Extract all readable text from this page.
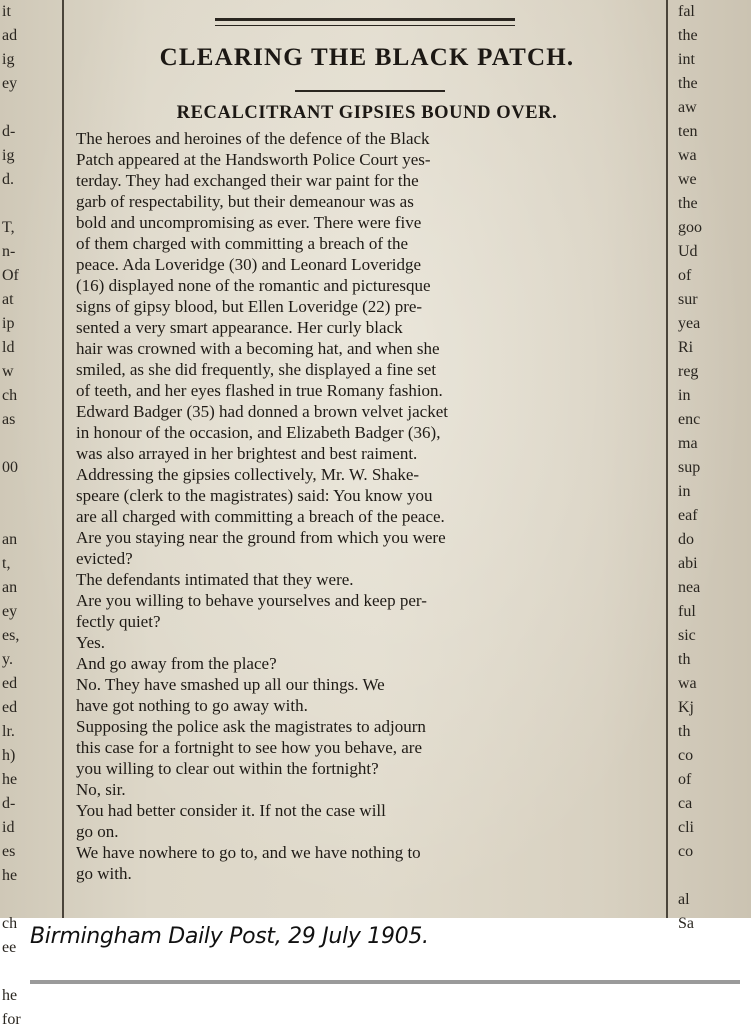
it
ad
ig
ey
d-
ig
d.
T,
n-
Of
at
ip
ld
w
ch
as
00
an
t,
an
ey
es,
y.
ed
ed
lr.
h)
he
d-
id
es
he
ch
ee
he
for
CLEARING THE BLACK PATCH.
RECALCITRANT GIPSIES BOUND OVER.
The heroes and heroines of the defence of the Black
Patch appeared at the Handsworth Police Court yes-
terday. They had exchanged their war paint for the
garb of respectability, but their demeanour was as
bold and uncompromising as ever. There were five
of them charged with committing a breach of the
peace. Ada Loveridge (30) and Leonard Loveridge
(16) displayed none of the romantic and picturesque
signs of gipsy blood, but Ellen Loveridge (22) pre-
sented a very smart appearance. Her curly black
hair was crowned with a becoming hat, and when she
smiled, as she did frequently, she displayed a fine set
of teeth, and her eyes flashed in true Romany fashion.
Edward Badger (35) had donned a brown velvet jacket
in honour of the occasion, and Elizabeth Badger (36),
was also arrayed in her brightest and best raiment.
Addressing the gipsies collectively, Mr. W. Shake-
speare (clerk to the magistrates) said: You know you
are all charged with committing a breach of the peace.
Are you staying near the ground from which you were
evicted?
The defendants intimated that they were.
Are you willing to behave yourselves and keep per-
fectly quiet?
Yes.
And go away from the place?
No. They have smashed up all our things. We
have got nothing to go away with.
Supposing the police ask the magistrates to adjourn
this case for a fortnight to see how you behave, are
you willing to clear out within the fortnight?
No, sir.
You had better consider it. If not the case will
go on.
We have nowhere to go to, and we have nothing to
go with.
fal
the
int
the
aw
ten
wa
we
the
goo
Ud
of
sur
yea
Ri
reg
in
enc
ma
sup
in
eaf
do
abi
nea
ful
sic
th
wa
Kj
th
co
of
ca
cli
co
al
Sa
Birmingham Daily Post, 29 July 1905.
